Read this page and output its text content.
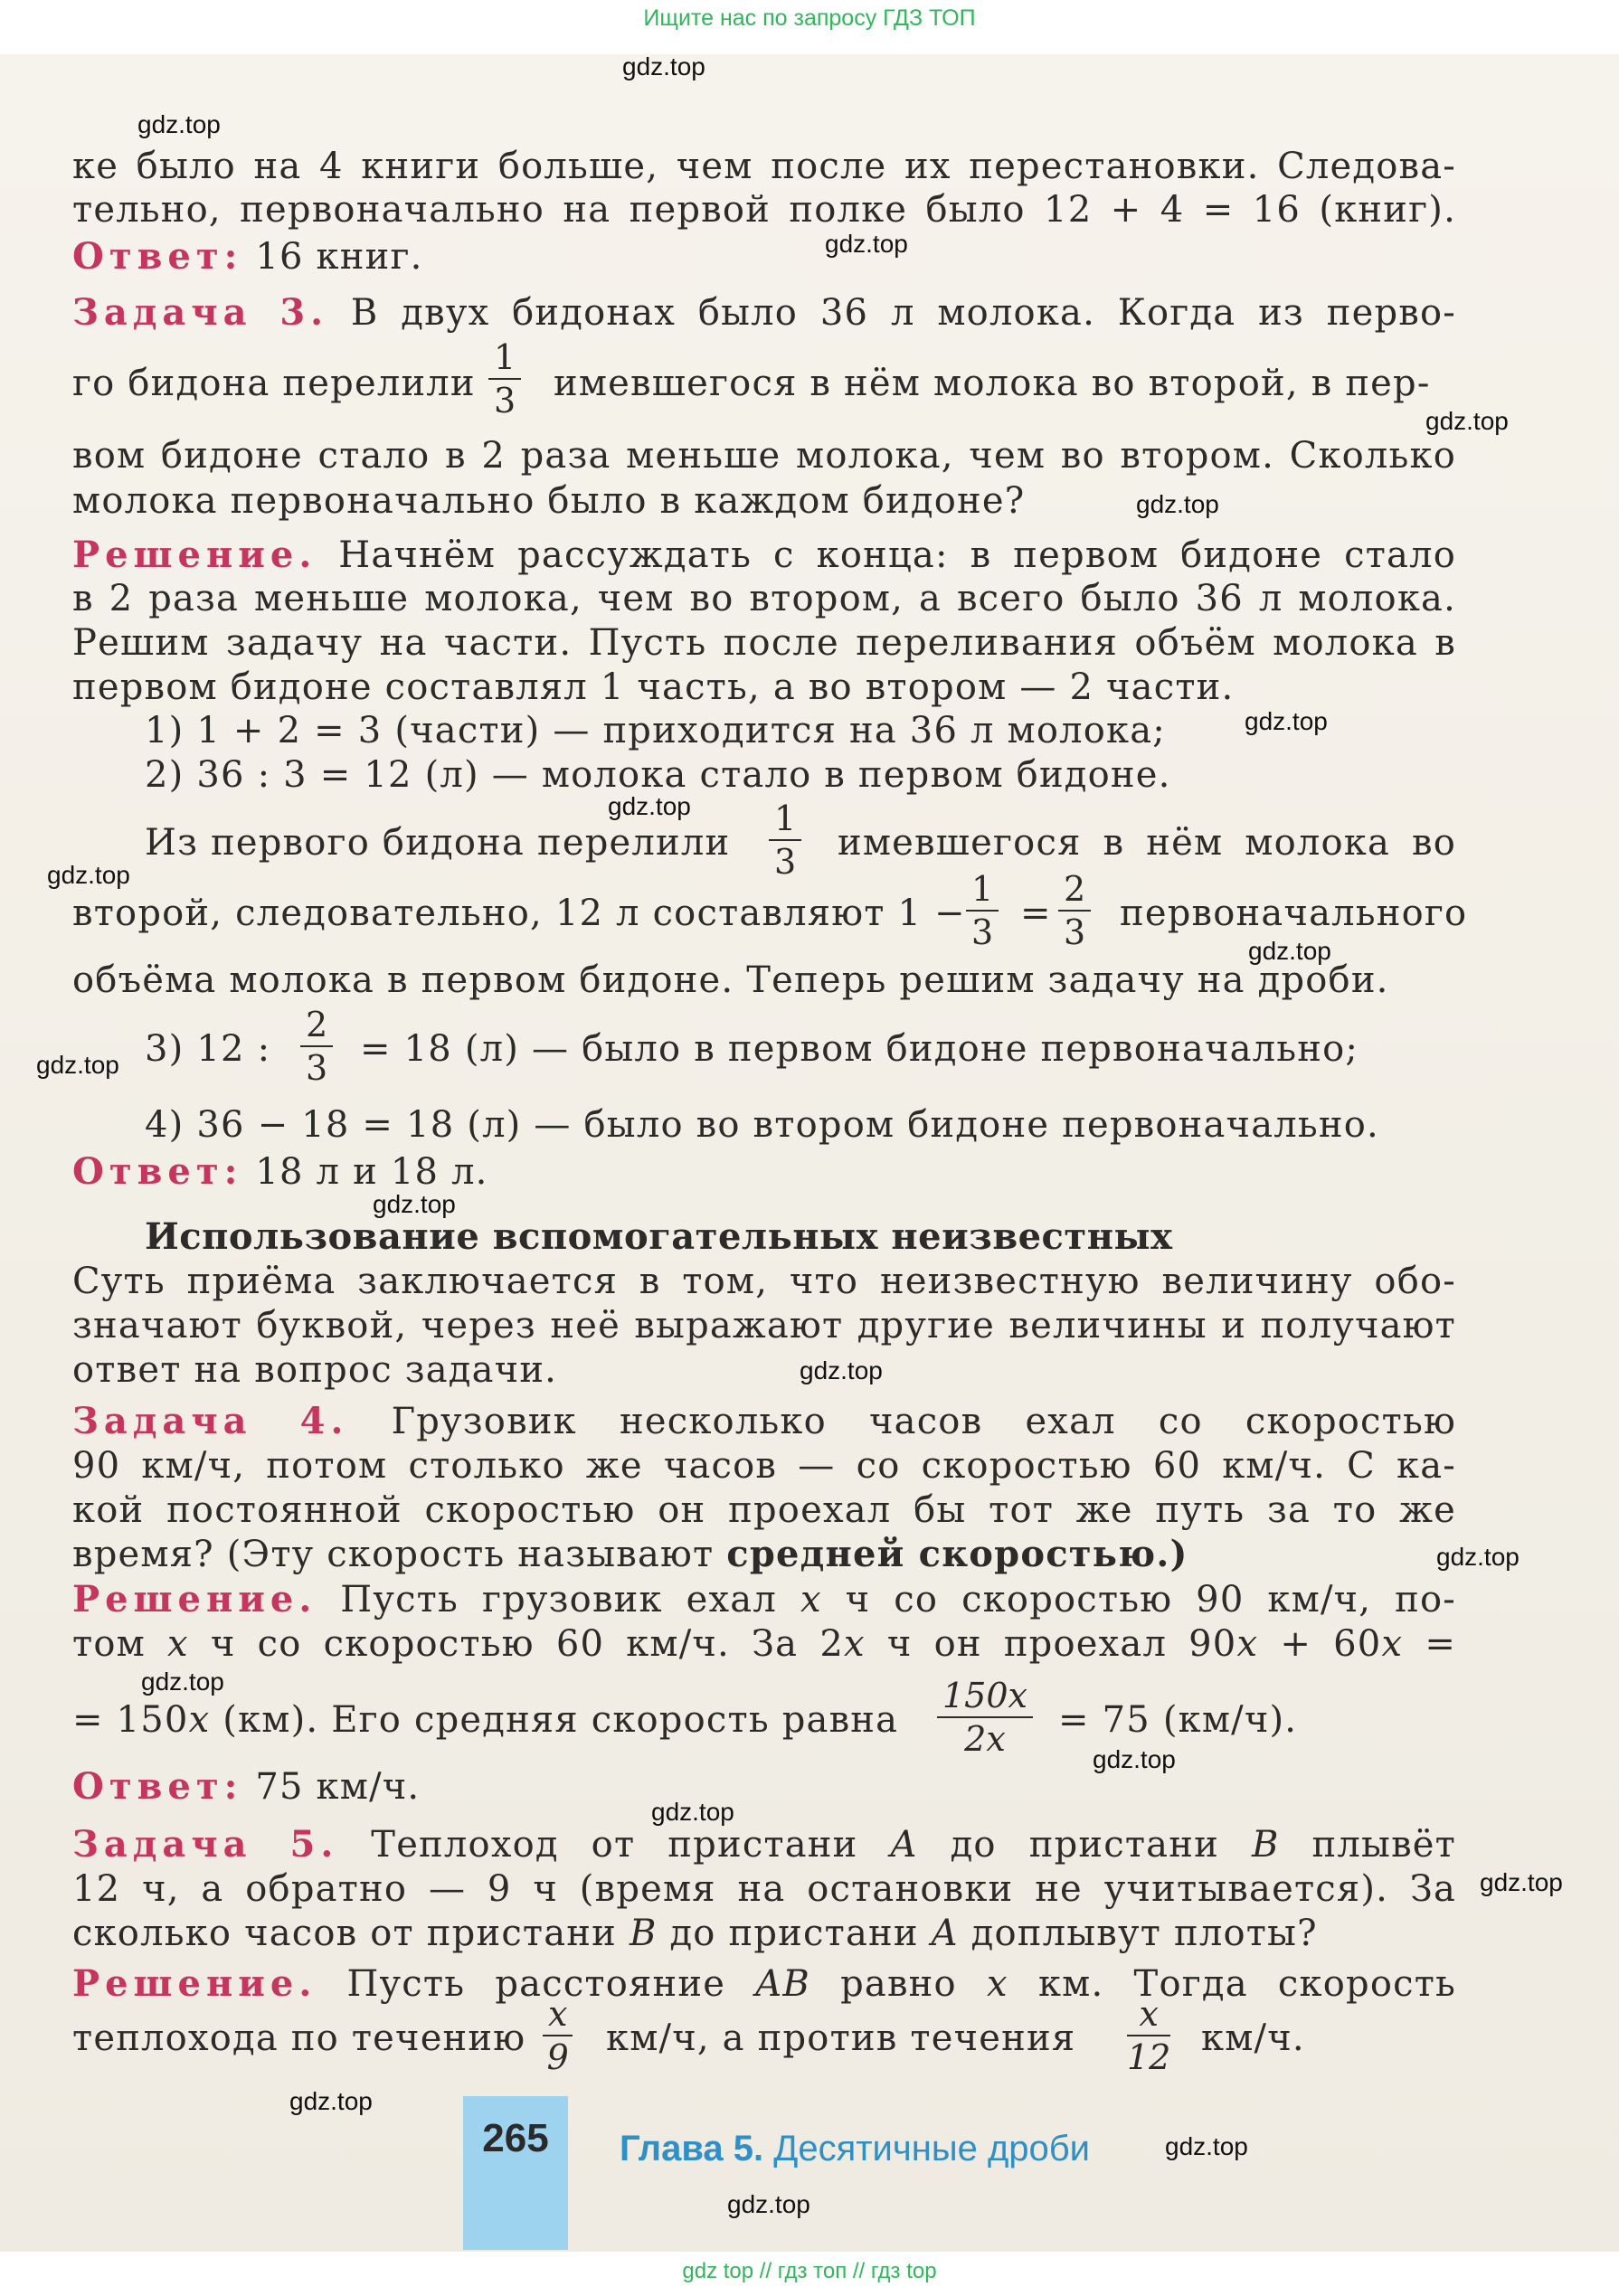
Ищите нас по запросу ГДЗ ТОП
ке было на 4 книги больше, чем после их перестановки. Следова-
тельно, первоначально на первой полке было 12 + 4 = 16 (книг).
Ответ: 16 книг.
Задача 3. В двух бидонах было 36 л молока. Когда из перво-
го бидона перелили $\frac{1}{3}$ имевшегося в нём молока во второй, в пер-
вом бидоне стало в 2 раза меньше молока, чем во втором. Сколько
молока первоначально было в каждом бидоне?
Решение. Начнём рассуждать с конца: в первом бидоне стало
в 2 раза меньше молока, чем во втором, а всего было 36 л молока.
Решим задачу на части. Пусть после переливания объём молока в
первом бидоне составлял 1 часть, а во втором — 2 части.
1) 1 + 2 = 3 (части) — приходится на 36 л молока;
2) 36 : 3 = 12 (л) — молока стало в первом бидоне.
Из первого бидона перелили $\frac{1}{3}$ имевшегося в нём молока во
второй, следовательно, 12 л составляют $1 - \frac{1}{3} = \frac{2}{3}$ первоначального
объёма молока в первом бидоне. Теперь решим задачу на дроби.
3) 12 : $\frac{2}{3} = 18$ (л) — было в первом бидоне первоначально;
4) 36 − 18 = 18 (л) — было во втором бидоне первоначально.
Ответ: 18 л и 18 л.
Использование вспомогательных неизвестных
Суть приёма заключается в том, что неизвестную величину обо-
значают буквой, через неё выражают другие величины и получают
ответ на вопрос задачи.
Задача 4. Грузовик несколько часов ехал со скоростью
90 км/ч, потом столько же часов — со скоростью 60 км/ч. С ка-
кой постоянной скоростью он проехал бы тот же путь за то же
время? (Эту скорость называют средней скоростью.)
Решение. Пусть грузовик ехал x ч со скоростью 90 км/ч, по-
том x ч со скоростью 60 км/ч. За 2x ч он проехал 90x + 60x =
= 150x (км). Его средняя скорость равна $\frac{150x}{2x} = 75$ (км/ч).
Ответ: 75 км/ч.
Задача 5. Теплоход от пристани A до пристани B плывёт
12 ч, а обратно — 9 ч (время на остановки не учитывается). За
сколько часов от пристани B до пристани A доплывут плоты?
Решение. Пусть расстояние AB равно x км. Тогда скорость
теплохода по течению $\frac{x}{9} км/ч$, а против течения $\frac{x}{12} км/ч$.
265	Глава 5. Десятичные дроби
gdz.top
gdz.top
gdz.top
gdz.top
gdz.top
gdz.top
gdz.top
gdz.top
gdz.top
gdz.top
gdz.top
gdz.top
gdz.top
gdz.top
gdz.top
gdz.top
gdz.top
gdz.top
gdz.top
gdz.top
gdz top // гдз топ // гдз top
